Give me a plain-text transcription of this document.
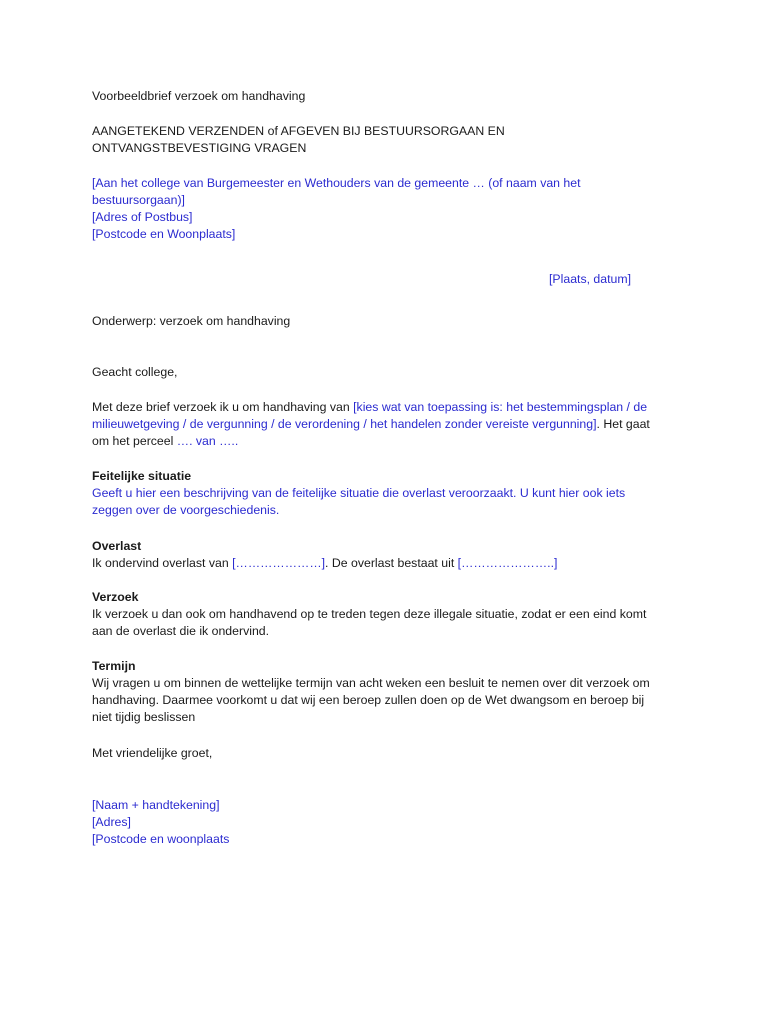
Voorbeeldbrief verzoek om handhaving

AANGETEKEND VERZENDEN of AFGEVEN BIJ BESTUURSORGAAN EN
ONTVANGSTBEVESTIGING VRAGEN

[Aan het college van Burgemeester en Wethouders van de gemeente … (of naam van het
bestuursorgaan)]
[Adres of Postbus]
[Postcode en Woonplaats]

[Plaats, datum]

Onderwerp: verzoek om handhaving

Geacht college,

Met deze brief verzoek ik u om handhaving van [kies wat van toepassing is: het bestemmingsplan / de
milieuwetgeving / de vergunning / de verordening / het handelen zonder vereiste vergunning]. Het gaat
om het perceel …. van …..

Feitelijke situatie
Geeft u hier een beschrijving van de feitelijke situatie die overlast veroorzaakt. U kunt hier ook iets
zeggen over de voorgeschiedenis.
Overlast
Ik ondervind overlast van […………………]. De overlast bestaat uit […………………..]
Verzoek
Ik verzoek u dan ook om handhavend op te treden tegen deze illegale situatie, zodat er een eind komt
aan de overlast die ik ondervind.
Termijn
Wij vragen u om binnen de wettelijke termijn van acht weken een besluit te nemen over dit verzoek om
handhaving. Daarmee voorkomt u dat wij een beroep zullen doen op de Wet dwangsom en beroep bij
niet tijdig beslissen

Met vriendelijke groet,

[Naam + handtekening]
[Adres]
[Postcode en woonplaats
